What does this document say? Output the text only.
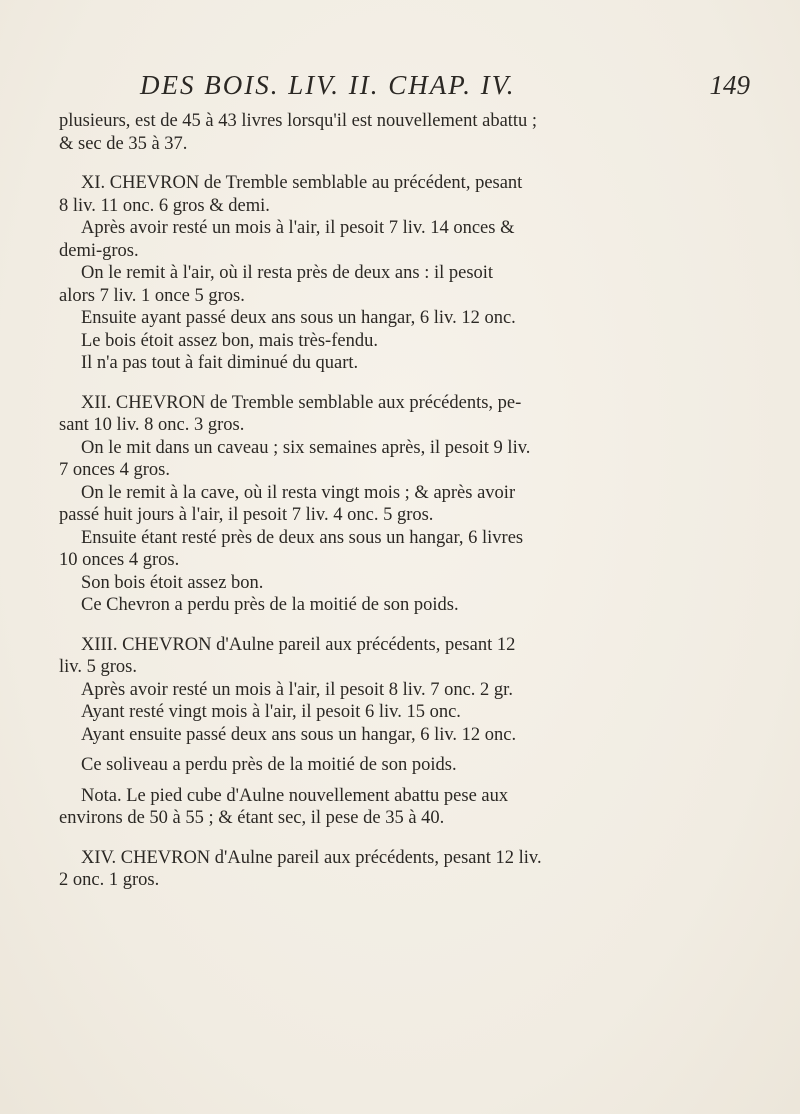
DES BOIS. LIV. II. CHAP. IV.	149
plusieurs, est de 45 à 43 livres lorsqu'il est nouvellement abattu ;
& sec de 35 à 37.
XI. CHEVRON de Tremble semblable au précédent, pesant
8 liv. 11 onc. 6 gros & demi.
Après avoir resté un mois à l'air, il pesoit 7 liv. 14 onces &
demi-gros.
On le remit à l'air, où il resta près de deux ans : il pesoit
alors 7 liv. 1 once 5 gros.
Ensuite ayant passé deux ans sous un hangar, 6 liv. 12 onc.
Le bois étoit assez bon, mais très-fendu.
Il n'a pas tout à fait diminué du quart.
XII. CHEVRON de Tremble semblable aux précédents, pe-
sant 10 liv. 8 onc. 3 gros.
On le mit dans un caveau ; six semaines après, il pesoit 9 liv.
7 onces 4 gros.
On le remit à la cave, où il resta vingt mois ; & après avoir
passé huit jours à l'air, il pesoit 7 liv. 4 onc. 5 gros.
Ensuite étant resté près de deux ans sous un hangar, 6 livres
10 onces 4 gros.
Son bois étoit assez bon.
Ce Chevron a perdu près de la moitié de son poids.
XIII. CHEVRON d'Aulne pareil aux précédents, pesant 12
liv. 5 gros.
Après avoir resté un mois à l'air, il pesoit 8 liv. 7 onc. 2 gr.
Ayant resté vingt mois à l'air, il pesoit 6 liv. 15 onc.
Ayant ensuite passé deux ans sous un hangar, 6 liv. 12 onc.
Ce soliveau a perdu près de la moitié de son poids.
Nota. Le pied cube d'Aulne nouvellement abattu pese aux
environs de 50 à 55 ; & étant sec, il pese de 35 à 40.
XIV. CHEVRON d'Aulne pareil aux précédents, pesant 12 liv.
2 onc. 1 gros.
